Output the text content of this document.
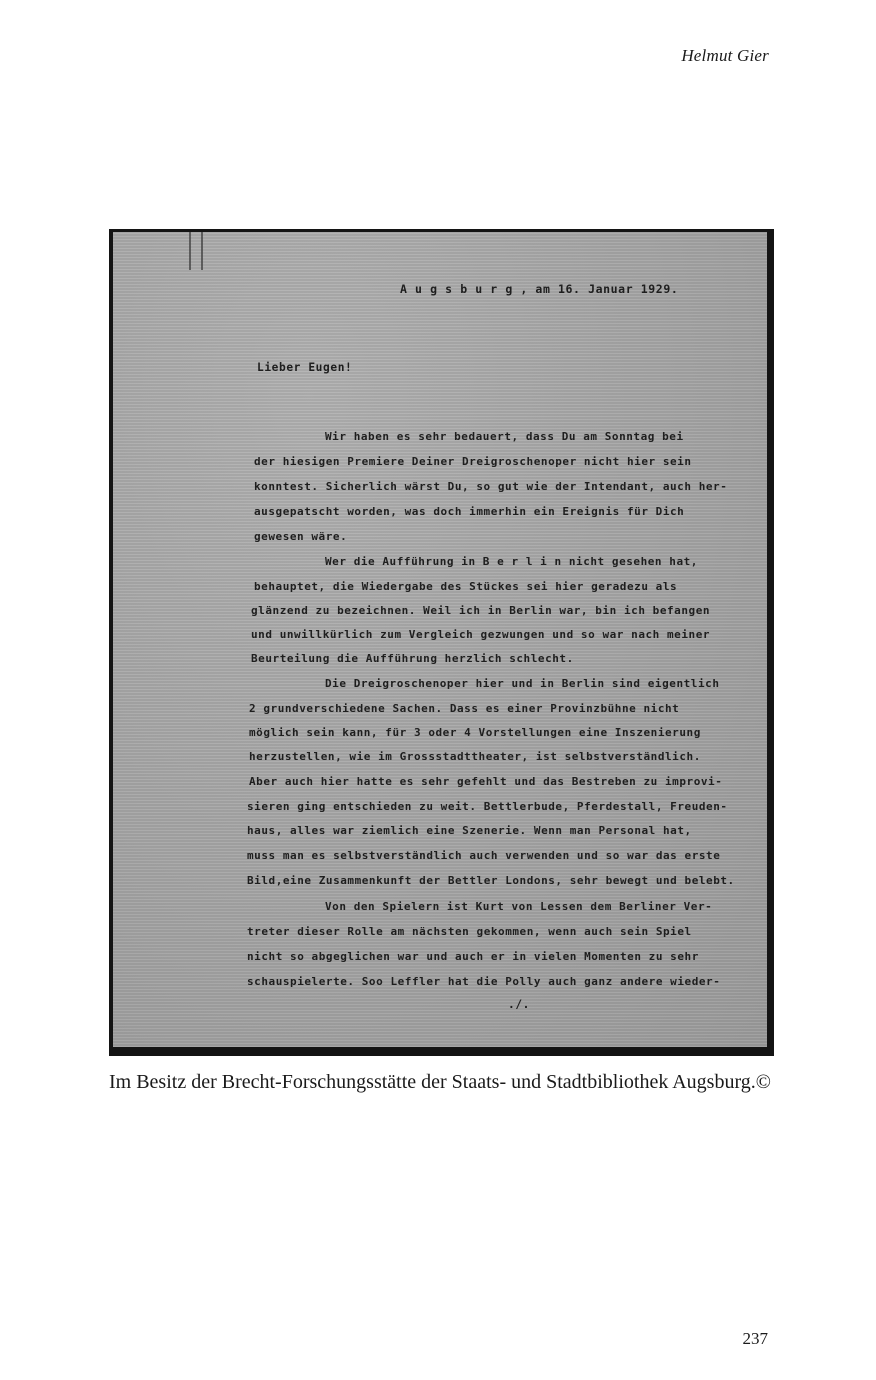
Helmut Gier
A u g s b u r g , am 16. Januar 1929.
Lieber Eugen!
Wir haben es sehr bedauert, dass Du am Sonntag bei
der hiesigen Premiere Deiner Dreigroschenoper nicht hier sein
konntest. Sicherlich wärst Du, so gut wie der Intendant, auch her-
ausgepatscht worden, was doch immerhin ein Ereignis für Dich
gewesen wäre.
Wer die Aufführung in B e r l i n nicht gesehen hat,
behauptet, die Wiedergabe des Stückes sei hier geradezu als
glänzend zu bezeichnen. Weil ich in Berlin war, bin ich befangen
und unwillkürlich zum Vergleich gezwungen und so war nach meiner
Beurteilung die Aufführung herzlich schlecht.
Die Dreigroschenoper hier und in Berlin sind eigentlich
2 grundverschiedene Sachen. Dass es einer Provinzbühne nicht
möglich sein kann, für 3 oder 4 Vorstellungen eine Inszenierung
herzustellen, wie im Grossstadttheater, ist selbstverständlich.
Aber auch hier hatte es sehr gefehlt und das Bestreben zu improvi-
sieren ging entschieden zu weit. Bettlerbude, Pferdestall, Freuden-
haus, alles war ziemlich eine Szenerie. Wenn man Personal hat,
muss man es selbstverständlich auch verwenden und so war das erste
Bild,eine Zusammenkunft der Bettler Londons, sehr bewegt und belebt.
Von den Spielern ist Kurt von Lessen dem Berliner Ver-
treter dieser Rolle am nächsten gekommen, wenn auch sein Spiel
nicht so abgeglichen war und auch er in vielen Momenten zu sehr
schauspielerte. Soo Leffler hat die Polly auch ganz andere wieder-
./.
Im Besitz der Brecht-Forschungsstätte der Staats- und Stadtbibliothek Augsburg.©
237
